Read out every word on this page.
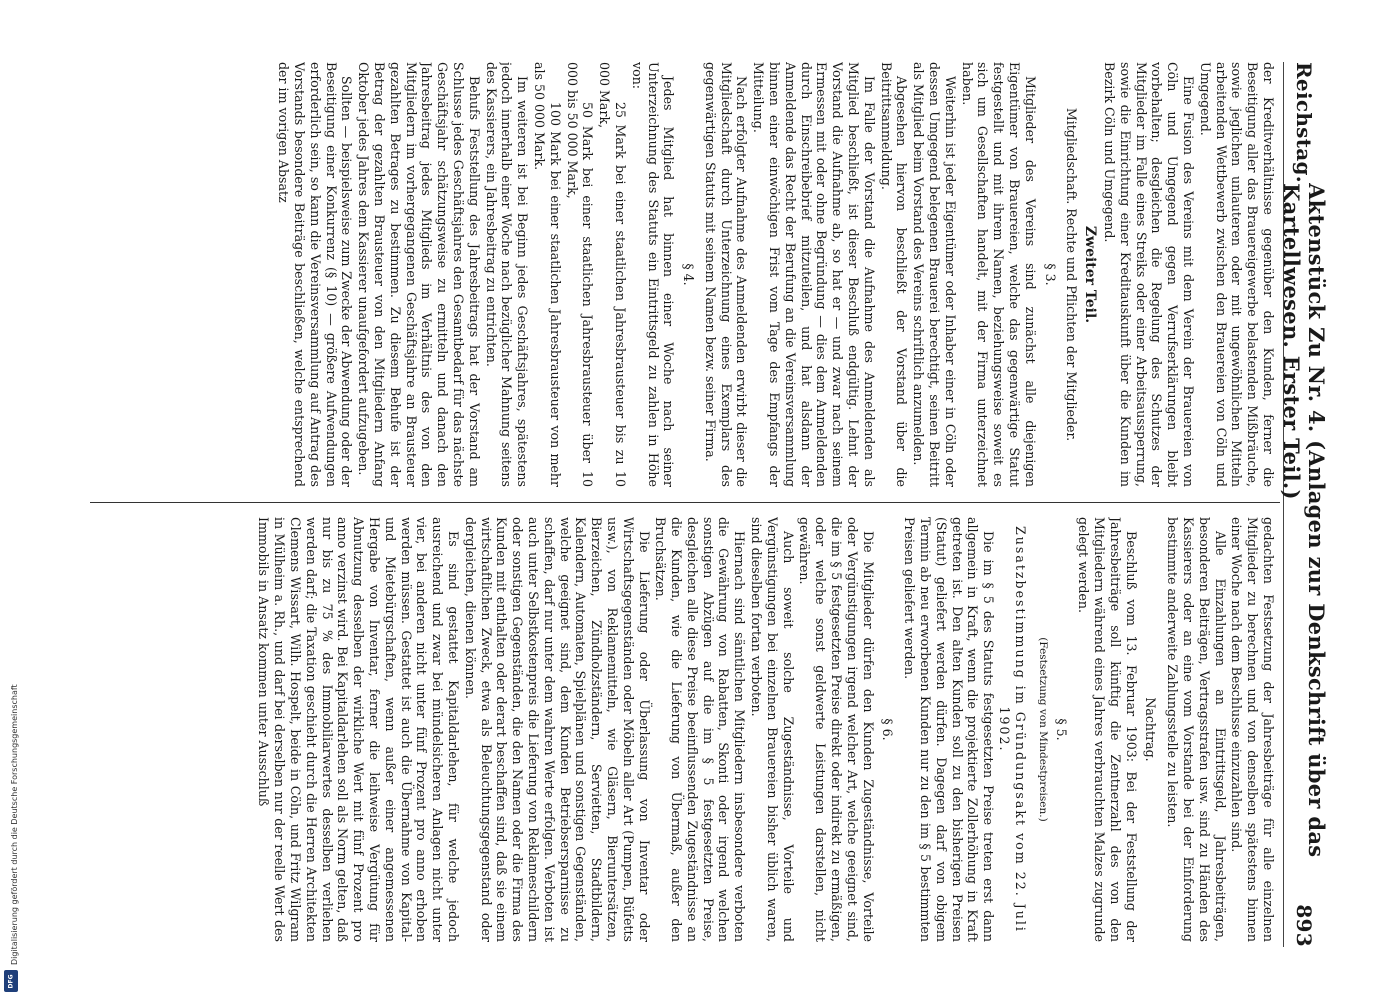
Digitalisierung gefördert durch die Deutsche Forschungsgemeinschaft
DFG
Reichstag.
Aktenstück Zu Nr. 4. (Anlagen zur Denkschrift über das Kartellwesen. Erster Teil.)
893

der Kreditverhältnisse gegenüber den Kunden, ferner die Beseitigung aller das Brauereigewerbe belastenden Mißbräuche, sowie jeglichen unlauteren oder mit ungewöhnlichen Mitteln arbeitenden Wettbewerb zwischen den Brauereien von Cöln und Umgegend.

Eine Fusion des Vereins mit dem Verein der Brauereien von Cöln und Umgegend gegen Verrufserklärungen bleibt vorbehalten; desgleichen die Regelung des Schutzes der Mitglieder im Falle eines Streiks oder einer Arbeitsaussperrung, sowie die Einrichtung einer Kreditauskunft über die Kunden im Bezirk Cöln und Umgegend.

Zweiter Teil.
Mitgliedschaft. Rechte und Pflichten der Mitglieder.
§ 3.

Mitglieder des Vereins sind zunächst alle diejenigen Eigentümer von Brauereien, welche das gegenwärtige Statut festgestellt und mit ihrem Namen, beziehungsweise soweit es sich um Gesellschaften handelt, mit der Firma unterzeichnet haben.

Weiterhin ist jeder Eigentümer oder Inhaber einer in Cöln oder dessen Umgegend belegenen Brauerei berechtigt, seinen Beitritt als Mitglied beim Vorstand des Vereins schriftlich anzumelden.

Abgesehen hiervon beschließt der Vorstand über die Beitrittsanmeldung.

Im Falle der Vorstand die Aufnahme des Anmeldenden als Mitglied beschließt, ist dieser Beschluß endgültig. Lehnt der Vorstand die Aufnahme ab, so hat er — und zwar nach seinem Ermessen mit oder ohne Begründung — dies dem Anmeldenden durch Einschreibebrief mitzuteilen, und hat alsdann der Anmeldende das Recht der Berufung an die Vereinsversammlung binnen einer einwöchigen Frist vom Tage des Empfangs der Mitteilung.

Nach erfolgter Aufnahme des Anmeldenden erwirbt dieser die Mitgliedschaft durch Unterzeichnung eines Exemplars des gegenwärtigen Statuts mit seinem Namen bezw. seiner Firma.

§ 4.

Jedes Mitglied hat binnen einer Woche nach seiner Unterzeichnung des Statuts ein Eintrittsgeld zu zahlen in Höhe von:

25 Mark bei einer staatlichen Jahresbrausteuer bis zu 10 000 Mark,

50 Mark bei einer staatlichen Jahresbrausteuer über 10 000 bis 50 000 Mark,

100 Mark bei einer staatlichen Jahresbrausteuer von mehr als 50 000 Mark.

Im weiteren ist bei Beginn jedes Geschäftsjahres, spätestens jedoch innerhalb einer Woche nach bezüglicher Mahnung seitens des Kassierers, ein Jahresbeitrag zu entrichten.

Behufs Feststellung des Jahresbeitrags hat der Vorstand am Schlusse jedes Geschäftsjahres den Gesamtbedarf für das nächste Geschäftsjahr schätzungsweise zu ermitteln und danach den Jahresbeitrag jedes Mitglieds im Verhältnis des von den Mitgliedern im vorhergegangenen Geschäftsjahre an Brausteuer gezahlten Betrages zu bestimmen. Zu diesem Behufe ist der Betrag der gezahlten Brausteuer von den Mitgliedern Anfang Oktober jedes Jahres dem Kassierer unaufgefordert aufzugeben.

Sollten — beispielsweise zum Zwecke der Abwendung oder der Beseitigung einer Konkurrenz (§ 10) — größere Aufwendungen erforderlich sein, so kann die Vereinsversammlung auf Antrag des Vorstands besondere Beiträge beschließen, welche entsprechend der im vorigen Absatz

gedachten Festsetzung der Jahresbeiträge für alle einzelnen Mitglieder zu berechnen und von denselben spätestens binnen einer Woche nach dem Beschlusse einzuzahlen sind.

Alle Einzahlungen an Eintrittsgeld, Jahresbeiträgen, besonderen Beiträgen, Vertragsstrafen usw. sind zu Händen des Kassierers oder an eine vom Vorstande bei der Einforderung bestimmte anderweite Zahlungsstelle zu leisten.

Nachtrag.

Beschluß vom 13. Februar 1903: Bei der Feststellung der Jahresbeiträge soll künftig die Zentnerzahl des von den Mitgliedern während eines Jahres verbrauchten Malzes zugrunde gelegt werden.

§ 5.
(Festsetzung von Mindestpreisen.)
Zusatzbestimmung im Gründungsakt vom 22. Juli 1902.

Die im § 5 des Statuts festgesetzten Preise treten erst dann allgemein in Kraft, wenn die projektierte Zollerhöhung in Kraft getreten ist. Den alten Kunden soll zu den bisherigen Preisen (Statut) geliefert werden dürfen. Dagegen darf von obigem Termin ab neu erworbenen Kunden nur zu den im § 5 bestimmten Preisen geliefert werden.

§ 6.

Die Mitglieder dürfen den Kunden Zugeständnisse, Vorteile oder Vergünstigungen irgend welcher Art, welche geeignet sind, die im § 5 festgesetzten Preise direkt oder indirekt zu ermäßigen, oder welche sonst geldwerte Leistungen darstellen, nicht gewähren.

Auch soweit solche Zugeständnisse, Vorteile und Vergünstigungen bei einzelnen Brauereien bisher üblich waren, sind dieselben fortan verboten.

Hiernach sind sämtlichen Mitgliedern insbesondere verboten die Gewährung von Rabatten, Skonti oder irgend welchen sonstigen Abzügen auf die im § 5 festgesetzten Preise, desgleichen alle diese Preise beeinflussenden Zugeständnisse an die Kunden, wie die Lieferung von Übermaß, außer den Bruchsätzen.

Die Lieferung oder Überlassung von Inventar oder Wirtschaftsgegenständen oder Möbeln aller Art (Pumpen, Büfetts usw.), von Reklamemitteln, wie Gläsern, Bieruntersätzen, Bierzeichen, Zündholzständern, Servietten, Stadtbildern, Kalendern, Automaten, Spielplänen und sonstigen Gegenständen, welche geeignet sind, dem Kunden Betriebsersparnisse zu schaffen, darf nur unter dem wahren Werte erfolgen. Verboten ist auch unter Selbstkostenpreis die Lieferung von Reklameschildern oder sonstigen Gegenständen, die den Namen oder die Firma des Kunden mit enthalten oder derart beschaffen sind, daß sie einem wirtschaftlichen Zweck, etwa als Beleuchtungsgegenstand oder dergleichen, dienen können.

Es sind gestattet Kapitaldarlehen, für welche jedoch ausreichend und zwar bei mündelsicheren Anlagen nicht unter vier, bei anderen nicht unter fünf Prozent pro anno erhoben werden müssen. Gestattet ist auch die Übernahme von Kapital- und Mietebürgschaften, wenn außer einer angemessenen Hergabe von Inventar, ferner die leihweise Vergütung für Abnutzung desselben der wirkliche Wert mit fünf Prozent pro anno verzinst wird. Bei Kapitaldarlehen soll als Norm gelten, daß nur bis zu 75 % des Immobiliarwertes desselben verliehen werden darf; die Taxation geschieht durch die Herren Architekten Clemens Wissart, Wilh. Hospelt, beide in Cöln, und Fritz Wilgram in Mülheim a. Rh., und darf bei derselben nur der reelle Wert des Immobils in Ansatz kommen unter Ausschluß
